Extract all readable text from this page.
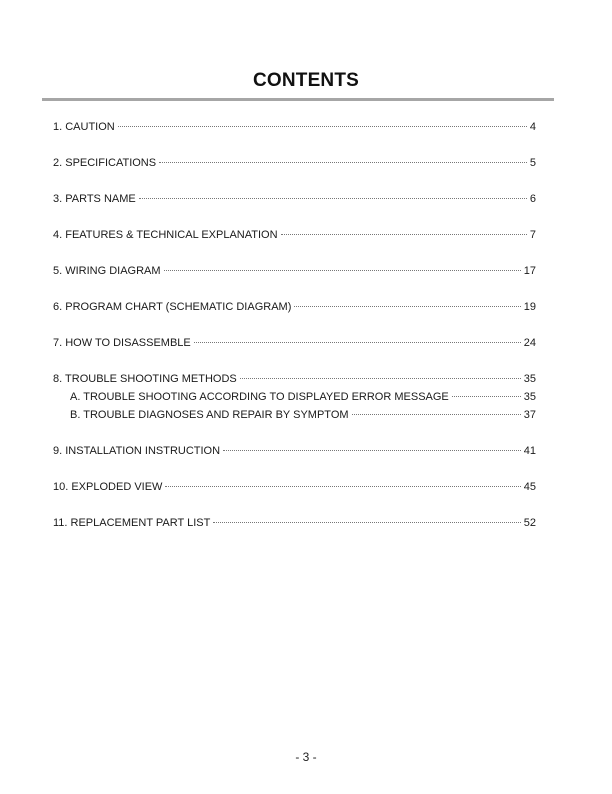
CONTENTS
1. CAUTION	4
2. SPECIFICATIONS	5
3. PARTS NAME	6
4. FEATURES & TECHNICAL EXPLANATION	7
5. WIRING DIAGRAM	17
6. PROGRAM CHART (SCHEMATIC DIAGRAM)	19
7. HOW TO DISASSEMBLE	24
8. TROUBLE SHOOTING METHODS	35
A. TROUBLE SHOOTING ACCORDING TO DISPLAYED ERROR MESSAGE	35
B. TROUBLE DIAGNOSES AND REPAIR BY SYMPTOM	37
9. INSTALLATION INSTRUCTION	41
10. EXPLODED VIEW	45
11. REPLACEMENT PART LIST	52
- 3 -
